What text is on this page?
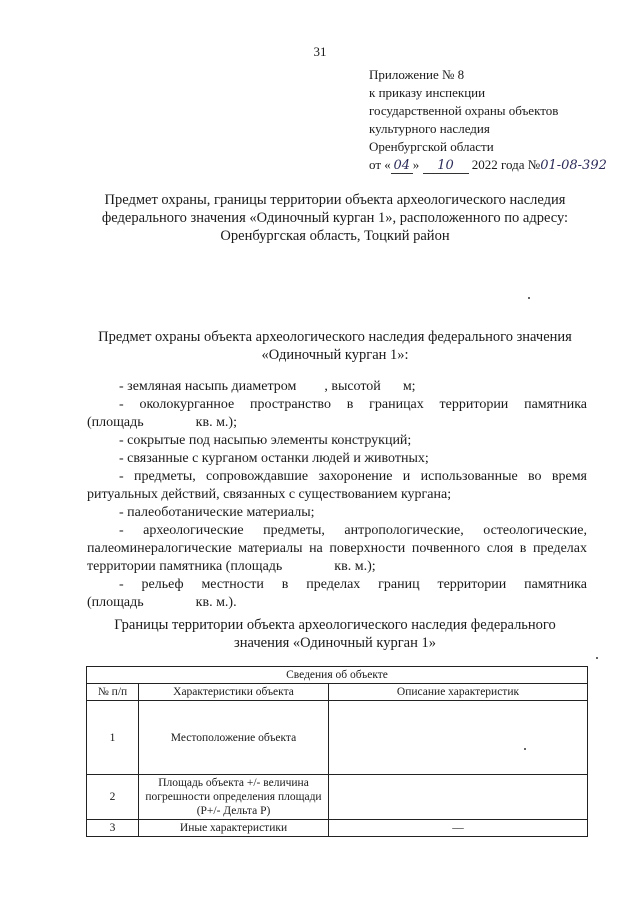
31
Приложение № 8
к приказу инспекции
государственной охраны объектов
культурного наследия
Оренбургской области
от « 04 » 10 2022 года №01-08-392
Предмет охраны, границы территории объекта археологического наследия
федерального значения «Одиночный курган 1», расположенного по адресу:
Оренбургская область, Тоцкий район
Предмет охраны объекта археологического наследия федерального значения
«Одиночный курган 1»:
- земляная насыпь диаметром , высотой м;
- околокурганное пространство в границах территории памятника
(площадь	кв. м.);
- сокрытые под насыпью элементы конструкций;
- связанные с курганом останки людей и животных;
- предметы, сопровождавшие захоронение и использованные во время ритуальных действий, связанных с существованием кургана;
- палеоботанические материалы;
- археологические предметы, антропологические, остеологические, палеоминералогические материалы на поверхности почвенного слоя в пределах территории памятника (площадь	кв. м.);
- рельеф местности в пределах границ территории памятника
(площадь	кв. м.).
Границы территории объекта археологического наследия федерального
значения «Одиночный курган 1»
Сведения об объекте		
№ п/п	Характеристики объекта	Описание характеристик
1	Местоположение объекта	
2	Площадь объекта +/- величина погрешности определения площади (P+/- Дельта P)	
3	Иные характеристики	—
